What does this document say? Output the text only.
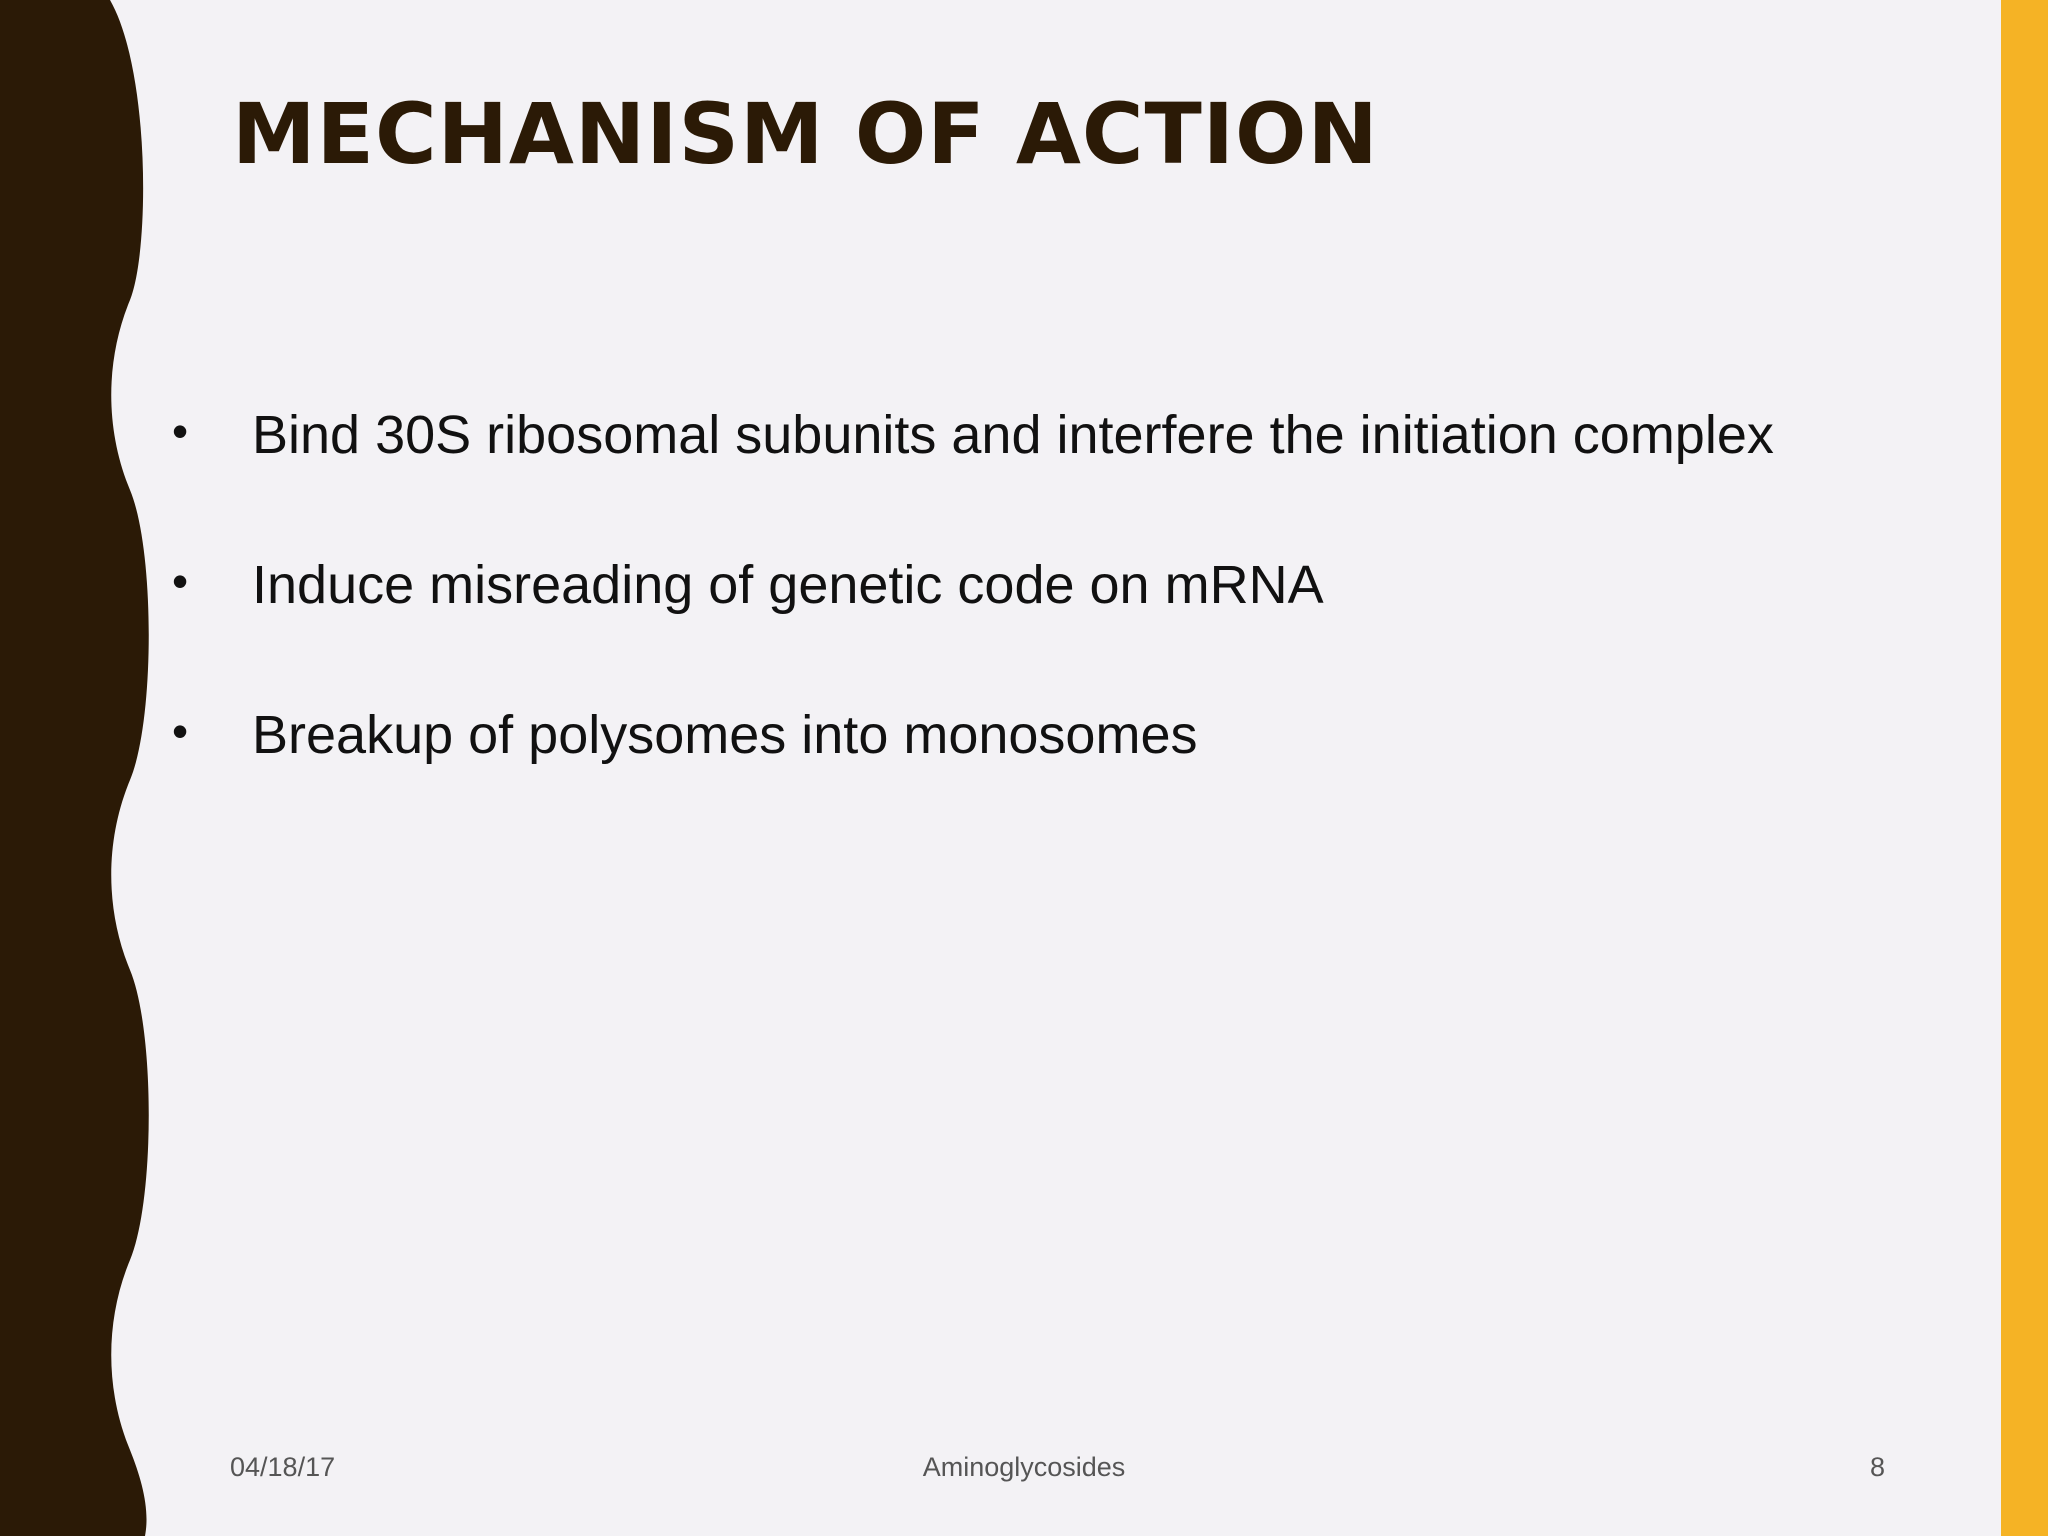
MECHANISM OF ACTION
• Bind 30S ribosomal subunits and interfere the initiation complex
• Induce misreading of genetic code on mRNA
• Breakup of polysomes into monosomes
04/18/17	Aminoglycosides	8
